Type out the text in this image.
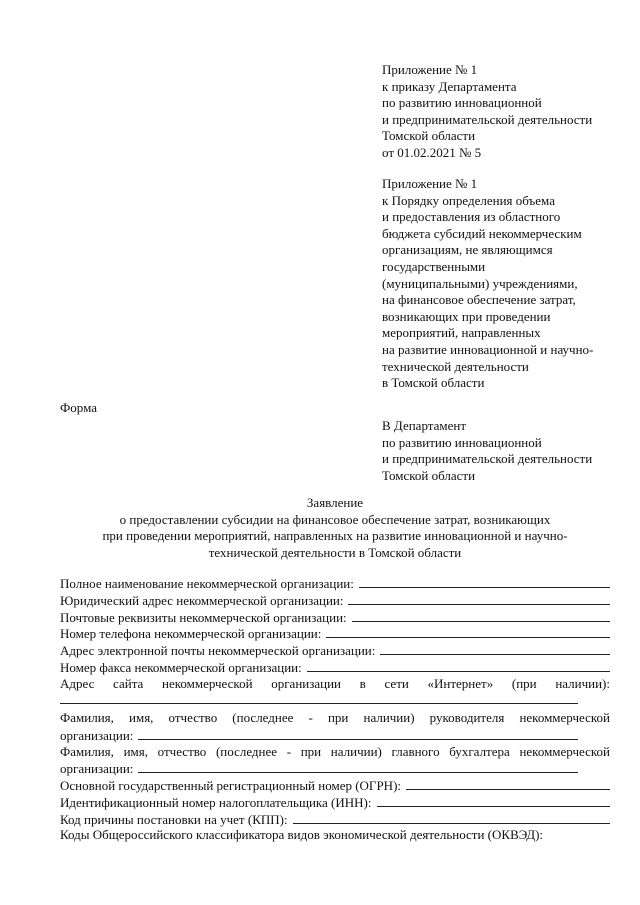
Приложение № 1
к приказу Департамента
по развитию инновационной
и предпринимательской деятельности
Томской области
от 01.02.2021 № 5
Приложение № 1
к Порядку определения объема
и предоставления из областного
бюджета субсидий некоммерческим
организациям, не являющимся
государственными
(муниципальными) учреждениями,
на финансовое обеспечение затрат,
возникающих при проведении
мероприятий, направленных
на развитие инновационной и научно-
технической деятельности
в Томской области
Форма
В Департамент
по развитию инновационной
и предпринимательской деятельности
Томской области
Заявление
о предоставлении субсидии на финансовое обеспечение затрат, возникающих
при проведении мероприятий, направленных на развитие инновационной и научно-
технической деятельности в Томской области
Полное наименование некоммерческой организации:
Юридический адрес некоммерческой организации:
Почтовые реквизиты некоммерческой организации:
Номер телефона некоммерческой организации:
Адрес электронной почты некоммерческой организации:
Номер факса некоммерческой организации:
Адрес сайта некоммерческой организации в сети «Интернет» (при наличии):
Фамилия, имя, отчество (последнее - при наличии) руководителя некоммерческой
организации:
Фамилия, имя, отчество (последнее - при наличии) главного бухгалтера некоммерческой
организации:
Основной государственный регистрационный номер (ОГРН):
Идентификационный номер налогоплательщика (ИНН):
Код причины постановки на учет (КПП):
Коды Общероссийского классификатора видов экономической деятельности (ОКВЭД):
